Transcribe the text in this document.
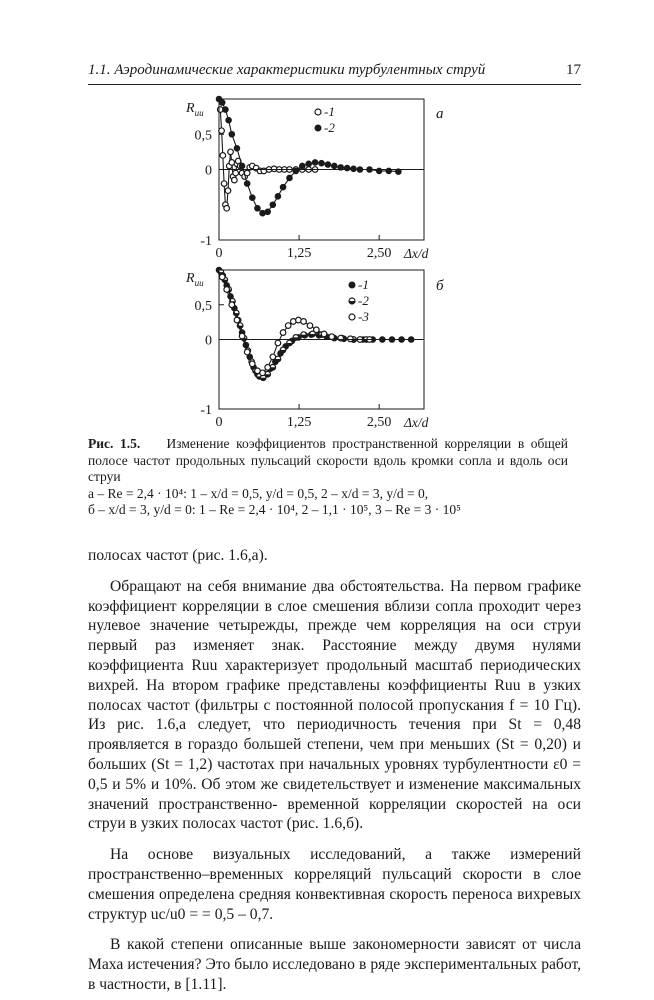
1.1. Аэродинамические характеристики турбулентных струй	17
$R_{uu}$	а
Δx/d
0,5
0
-1
0	1,25	2,50
-1
-2
$R_{uu}$	б
Δx/d
0,5
0
-1
0	1,25	2,50
-1
-2
-3
Рис. 1.5. Изменение коэффициентов пространственной корреляции в общей полосе частот продольных пульсаций скорости вдоль кромки сопла и вдоль оси струи
а – Re = 2,4 · 10⁴: 1 – x/d = 0,5, y/d = 0,5, 2 – x/d = 3, y/d = 0,
б – x/d = 3, y/d = 0: 1 – Re = 2,4 · 10⁴, 2 – 1,1 · 10⁵, 3 – Re = 3 · 10⁵

полосах частот (рис. 1.6,а).

Обращают на себя внимание два обстоятельства. На первом графике коэффициент корреляции в слое смешения вблизи сопла проходит через нулевое значение четырежды, прежде чем корреляция на оси струи первый раз изменяет знак. Расстояние между двумя нулями коэффициента Ruu характеризует продольный масштаб периодических вихрей. На втором графике представлены коэффициенты Ruu в узких полосах частот (фильтры с постоянной полосой пропускания f = 10 Гц). Из рис. 1.6,а следует, что периодичность течения при St = 0,48 проявляется в гораздо большей степени, чем при меньших (St = 0,20) и больших (St = 1,2) частотах при начальных уровнях турбулентности ε0 = 0,5 и 5% и 10%. Об этом же свидетельствует и изменение максимальных значений пространственно- временной корреляции скоростей на оси струи в узких полосах частот (рис. 1.6,б).

На основе визуальных исследований, а также измерений пространственно–временных корреляций пульсаций скорости в слое смешения определена средняя конвективная скорость переноса вихревых структур uc/u0 = = 0,5 – 0,7.

В какой степени описанные выше закономерности зависят от числа Маха истечения? Это было исследовано в ряде экспериментальных работ, в частности, в [1.11].
